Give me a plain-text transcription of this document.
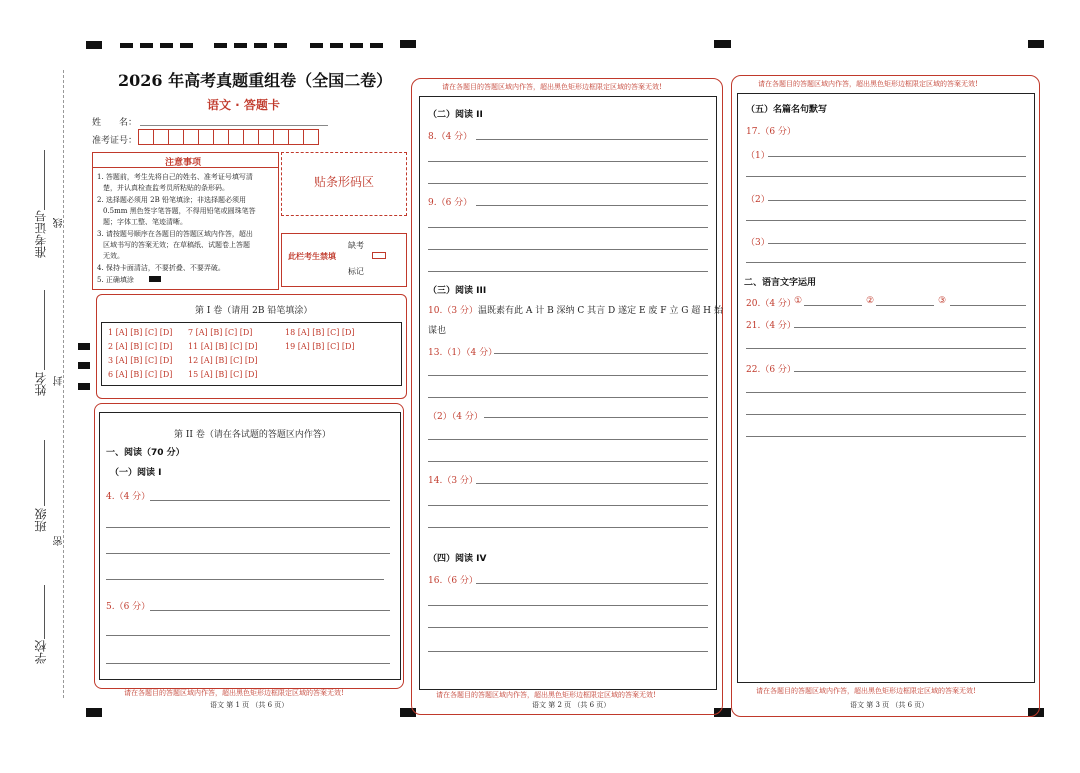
准考证号 线
姓名 封
班级
密
学校
2026 年高考真题重组卷（全国二卷）
语文 · 答题卡
姓　　名：
准考证号：
注意事项
1. 答题前，考生先将自己的姓名、准考证号填写清
楚，并认真检查监考员所粘贴的条形码。
2. 选择题必须用 2B 铅笔填涂；非选择题必须用
0.5mm 黑色签字笔答题，不得用铅笔或圆珠笔答
题；字体工整、笔迹清晰。
3. 请按题号顺序在各题目的答题区域内作答，超出
区域书写的答案无效；在草稿纸、试题卷上答题
无效。
4. 保持卡面清洁，不要折叠、不要弄破。
5. 正确填涂
贴条形码区
此栏考生禁填
缺考
标记
第 I 卷（请用 2B 铅笔填涂）
1 [A] [B] [C] [D] 7 [A] [B] [C] [D]	18 [A] [B] [C] [D]
2 [A] [B] [C] [D] 11 [A] [B] [C] [D]	19 [A] [B] [C] [D]
3 [A] [B] [C] [D] 12 [A] [B] [C] [D]
6 [A] [B] [C] [D] 15 [A] [B] [C] [D]
第 II 卷（请在各试题的答题区内作答）
一、阅读（70 分）
（一）阅读 I
4.（4 分）
5.（6 分）
请在各题目的答题区域内作答，超出黑色矩形边框限定区域的答案无效!
语文 第 1 页 （共 6 页）
请在各题目的答题区域内作答，超出黑色矩形边框限定区域的答案无效!
（二）阅读 II
8.（4 分）
9.（6 分）
（三）阅读 III
10.（3 分） 温既素有此 A 计 B 深纳 C 其言 D 遂定 E 废 F 立 G 超 H 始
谋也
13.（1）（4 分）
（2）（4 分）
14.（3 分）
（四）阅读 IV
16.（6 分）
请在各题目的答题区域内作答，超出黑色矩形边框限定区域的答案无效!
语文 第 2 页 （共 6 页）
请在各题目的答题区域内作答，超出黑色矩形边框限定区域的答案无效!
（五）名篇名句默写
17.（6 分）
（1）
（2）
（3）
二、语言文字运用
20.（4 分）
①	②	③
21.（4 分）
22.（6 分）
请在各题目的答题区域内作答，超出黑色矩形边框限定区域的答案无效!
语文 第 3 页 （共 6 页）
